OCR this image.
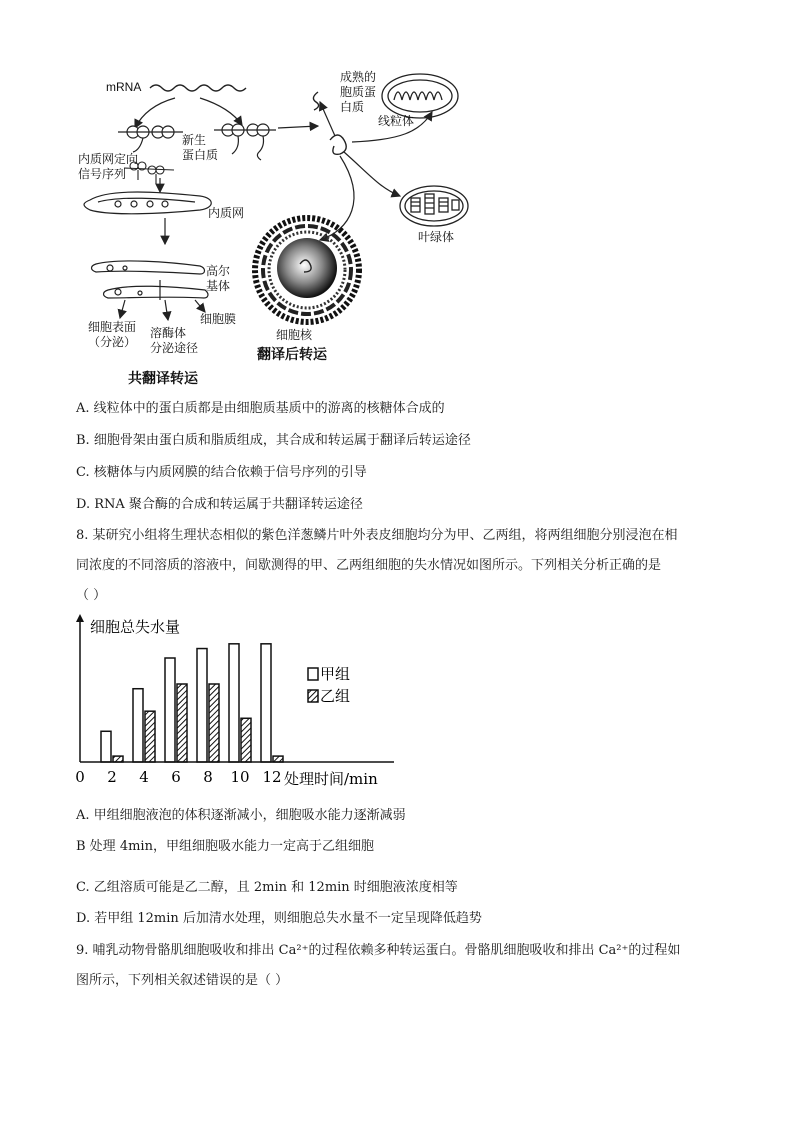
mRNA
成熟的
胞质蛋
白质
线粒体
新生
蛋白质
内质网定向
信号序列
内质网
叶绿体
高尔
基体
细胞膜
细胞表面
（分泌）
溶酶体
分泌途径
细胞核
翻译后转运
共翻译转运
A. 线粒体中的蛋白质都是由细胞质基质中的游离的核糖体合成的
B. 细胞骨架由蛋白质和脂质组成，其合成和转运属于翻译后转运途径
C. 核糖体与内质网膜的结合依赖于信号序列的引导
D. RNA 聚合酶的合成和转运属于共翻译转运途径
8. 某研究小组将生理状态相似的紫色洋葱鳞片叶外表皮细胞均分为甲、乙两组，将两组细胞分别浸泡在相
同浓度的不同溶质的溶液中，间歇测得的甲、乙两组细胞的失水情况如图所示。下列相关分析正确的是
（ ）
细胞总失水量
0 2 4 6 8 10 12 处理时间/min
甲组
乙组
A. 甲组细胞液泡的体积逐渐减小，细胞吸水能力逐渐减弱
B 处理 4min，甲组细胞吸水能力一定高于乙组细胞
C. 乙组溶质可能是乙二醇，且 2min 和 12min 时细胞液浓度相等
D. 若甲组 12min 后加清水处理，则细胞总失水量不一定呈现降低趋势
9. 哺乳动物骨骼肌细胞吸收和排出 Ca²⁺的过程依赖多种转运蛋白。骨骼肌细胞吸收和排出 Ca²⁺的过程如
图所示，下列相关叙述错误的是（ ）
